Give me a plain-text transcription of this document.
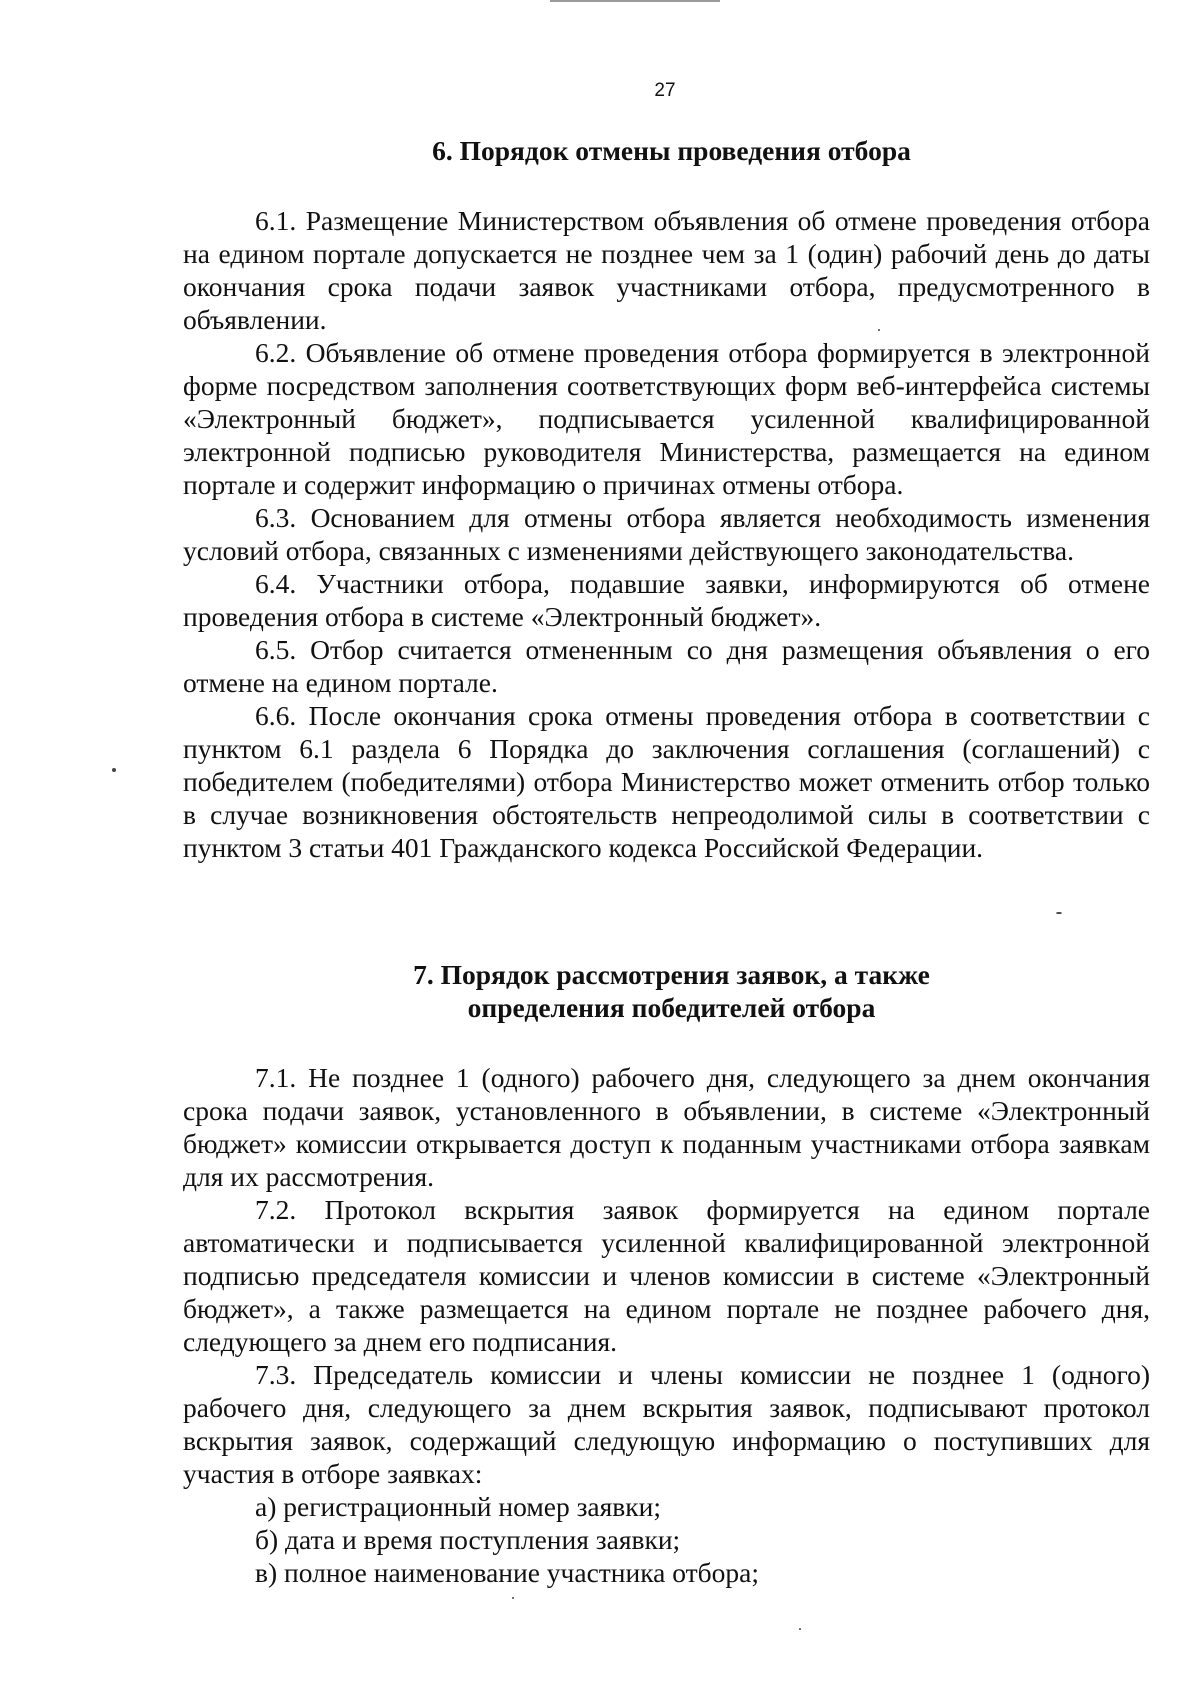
27

6. Порядок отмены проведения отбора

6.1. Размещение Министерством объявления об отмене проведения отбора на едином портале допускается не позднее чем за 1 (один) рабочий день до даты окончания срока подачи заявок участниками отбора, предусмотренного в объявлении.

6.2. Объявление об отмене проведения отбора формируется в электронной форме посредством заполнения соответствующих форм веб-интерфейса системы «Электронный бюджет», подписывается усиленной квалифицированной электронной подписью руководителя Министерства, размещается на едином портале и содержит информацию о причинах отмены отбора.

6.3. Основанием для отмены отбора является необходимость изменения условий отбора, связанных с изменениями действующего законодательства.

6.4. Участники отбора, подавшие заявки, информируются об отмене проведения отбора в системе «Электронный бюджет».

6.5. Отбор считается отмененным со дня размещения объявления о его отмене на едином портале.

6.6. После окончания срока отмены проведения отбора в соответствии с пунктом 6.1 раздела 6 Порядка до заключения соглашения (соглашений) с победителем (победителями) отбора Министерство может отменить отбор только в случае возникновения обстоятельств непреодолимой силы в соответствии с пунктом 3 статьи 401 Гражданского кодекса Российской Федерации.

7. Порядок рассмотрения заявок, а также

определения победителей отбора

7.1. Не позднее 1 (одного) рабочего дня, следующего за днем окончания срока подачи заявок, установленного в объявлении, в системе «Электронный бюджет» комиссии открывается доступ к поданным участниками отбора заявкам для их рассмотрения.

7.2. Протокол вскрытия заявок формируется на едином портале автоматически и подписывается усиленной квалифицированной электронной подписью председателя комиссии и членов комиссии в системе «Электронный бюджет», а также размещается на едином портале не позднее рабочего дня, следующего за днем его подписания.

7.3. Председатель комиссии и члены комиссии не позднее 1 (одного) рабочего дня, следующего за днем вскрытия заявок, подписывают протокол вскрытия заявок, содержащий следующую информацию о поступивших для участия в отборе заявках:

а) регистрационный номер заявки;

б) дата и время поступления заявки;

в) полное наименование участника отбора;
